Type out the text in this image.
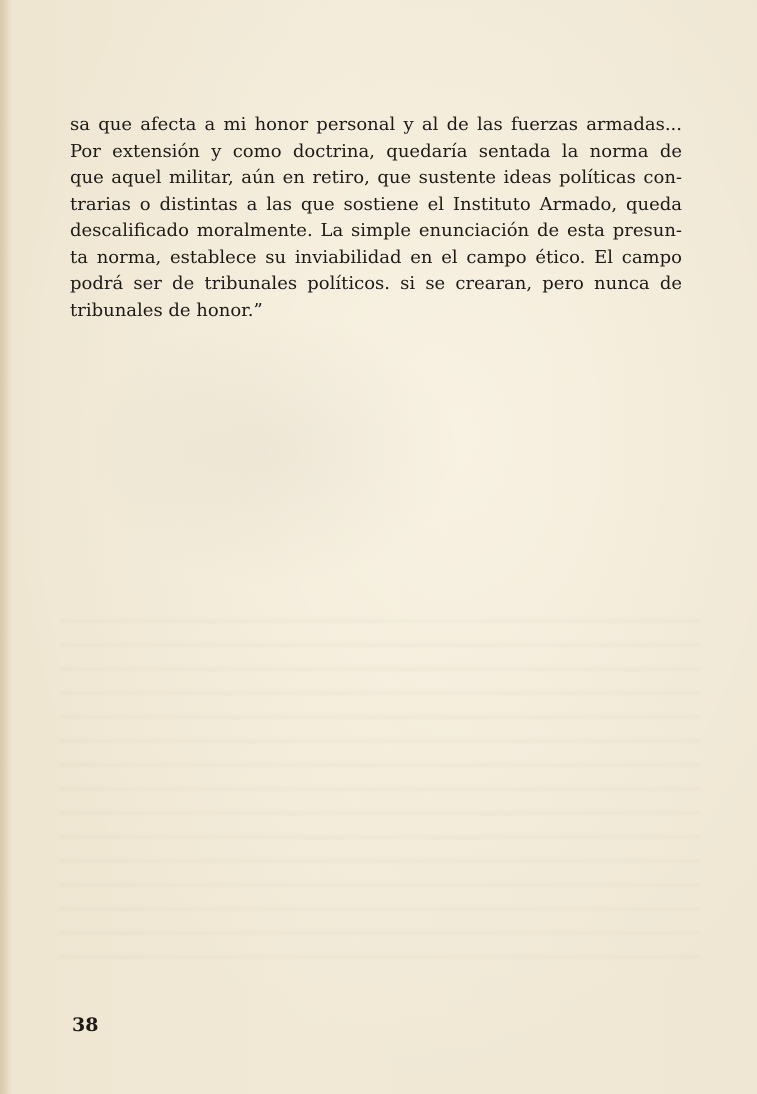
sa que afecta a mi honor personal y al de las fuerzas armadas...
Por extensión y como doctrina, quedaría sentada la norma de
que aquel militar, aún en retiro, que sustente ideas políticas con-
trarias o distintas a las que sostiene el Instituto Armado, queda
descalificado moralmente. La simple enunciación de esta presun-
ta norma, establece su inviabilidad en el campo ético. El campo
podrá ser de tribunales políticos. si se crearan, pero nunca de
tribunales de honor.”
38
